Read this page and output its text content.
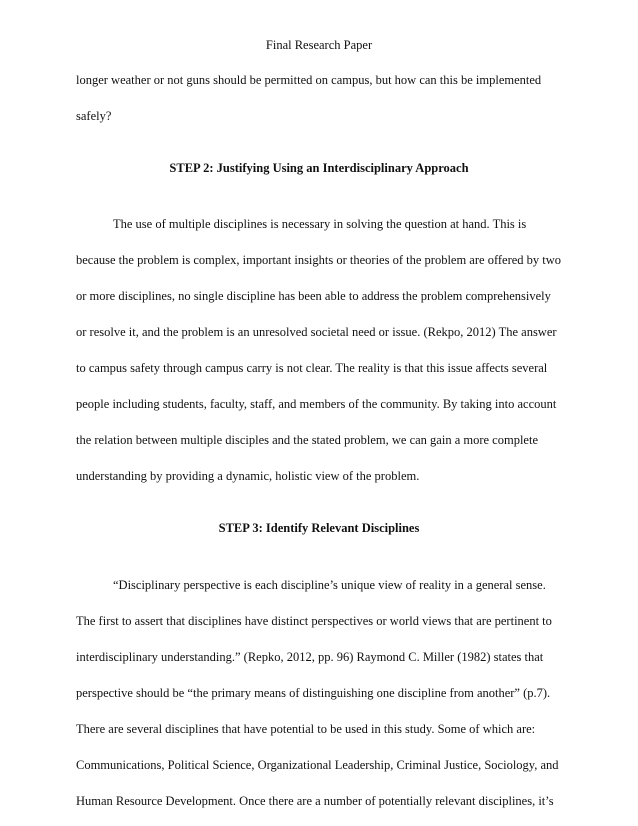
Final Research Paper
longer weather or not guns should be permitted on campus, but how can this be implemented
safely?
STEP 2: Justifying Using an Interdisciplinary Approach
The use of multiple disciplines is necessary in solving the question at hand. This is
because the problem is complex, important insights or theories of the problem are offered by two
or more disciplines, no single discipline has been able to address the problem comprehensively
or resolve it, and the problem is an unresolved societal need or issue. (Rekpo, 2012) The answer
to campus safety through campus carry is not clear. The reality is that this issue affects several
people including students, faculty, staff, and members of the community. By taking into account
the relation between multiple disciples and the stated problem, we can gain a more complete
understanding by providing a dynamic, holistic view of the problem.
STEP 3: Identify Relevant Disciplines
“Disciplinary perspective is each discipline’s unique view of reality in a general sense.
The first to assert that disciplines have distinct perspectives or world views that are pertinent to
interdisciplinary understanding.” (Repko, 2012, pp. 96) Raymond C. Miller (1982) states that
perspective should be “the primary means of distinguishing one discipline from another” (p.7).
There are several disciplines that have potential to be used in this study. Some of which are:
Communications, Political Science, Organizational Leadership, Criminal Justice, Sociology, and
Human Resource Development. Once there are a number of potentially relevant disciplines, it’s
